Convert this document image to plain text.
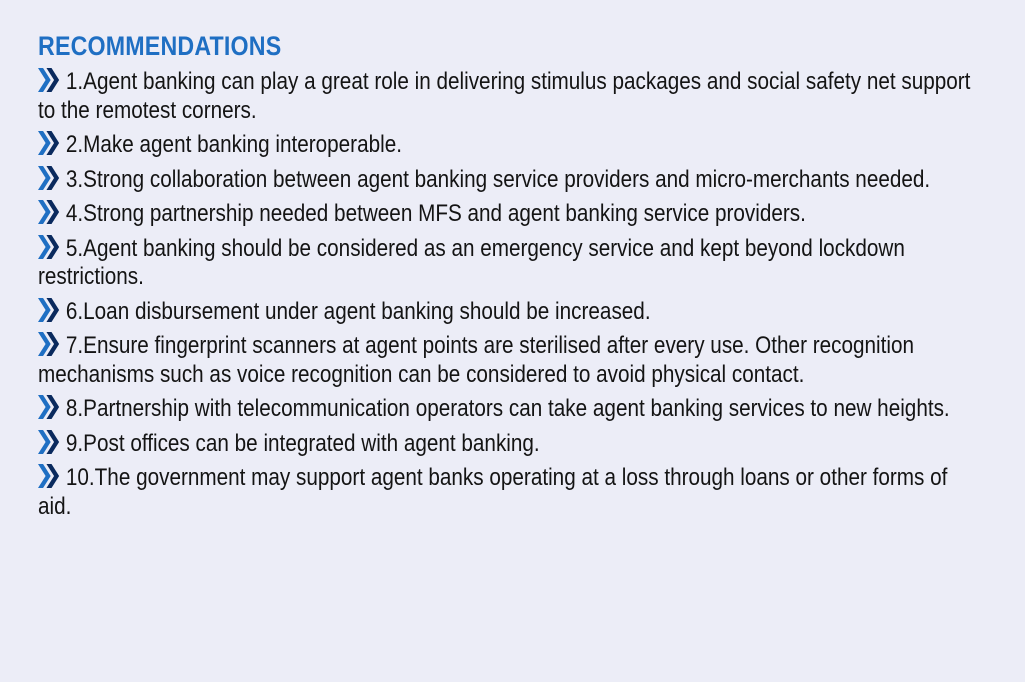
RECOMMENDATIONS
1.Agent banking can play a great role in delivering stimulus packages and social safety net support to the remotest corners.
2.Make agent banking interoperable.
3.Strong collaboration between agent banking service providers and micro-merchants needed.
4.Strong partnership needed between MFS and agent banking service providers.
5.Agent banking should be considered as an emergency service and kept beyond lockdown restrictions.
6.Loan disbursement under agent banking should be increased.
7.Ensure fingerprint scanners at agent points are sterilised after every use. Other recognition mechanisms such as voice recognition can be considered to avoid physical contact.
8.Partnership with telecommunication operators can take agent banking services to new heights.
9.Post offices can be integrated with agent banking.
10.The government may support agent banks operating at a loss through loans or other forms of aid.
